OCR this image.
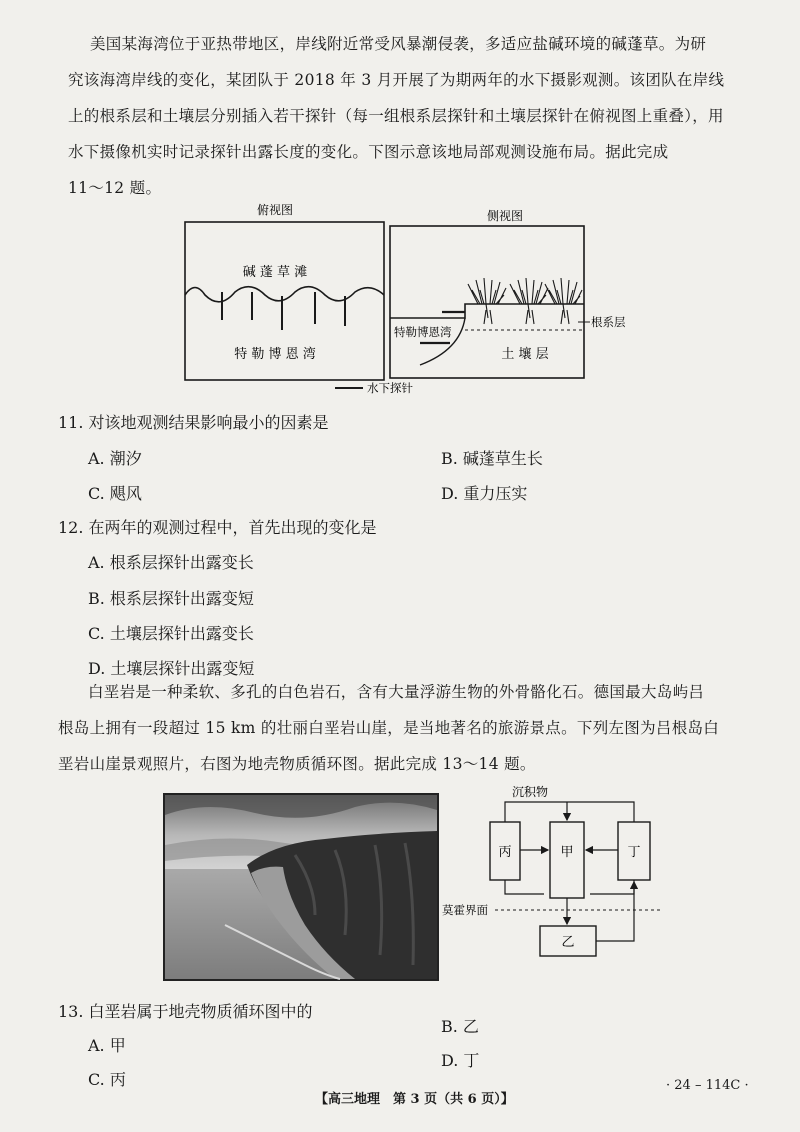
美国某海湾位于亚热带地区，岸线附近常受风暴潮侵袭，多适应盐碱环境的碱蓬草。为研

究该海湾岸线的变化，某团队于 2018 年 3 月开展了为期两年的水下摄影观测。该团队在岸线

上的根系层和土壤层分别插入若干探针（每一组根系层探针和土壤层探针在俯视图上重叠），用

水下摄像机实时记录探针出露长度的变化。下图示意该地局部观测设施布局。据此完成

11～12 题。

俯视图	侧视图
碱 蓬 草 滩
特 勒 博 恩 湾
特勒博恩湾
土 壤 层
根系层
水下探针
11. 对该地观测结果影响最小的因素是
A. 潮汐	B. 碱蓬草生长
C. 飓风	D. 重力压实
12. 在两年的观测过程中，首先出现的变化是
A. 根系层探针出露变长
B. 根系层探针出露变短
C. 土壤层探针出露变长
D. 土壤层探针出露变短

白垩岩是一种柔软、多孔的白色岩石，含有大量浮游生物的外骨骼化石。德国最大岛屿吕

根岛上拥有一段超过 15 km 的壮丽白垩岩山崖，是当地著名的旅游景点。下列左图为吕根岛白

垩岩山崖景观照片，右图为地壳物质循环图。据此完成 13～14 题。

沉积物
丙	甲	丁
乙
莫霍界面
13. 白垩岩属于地壳物质循环图中的
B. 乙
A. 甲
D. 丁
C. 丙
【高三地理　第 3 页（共 6 页）】
· 24 – 114C ·
